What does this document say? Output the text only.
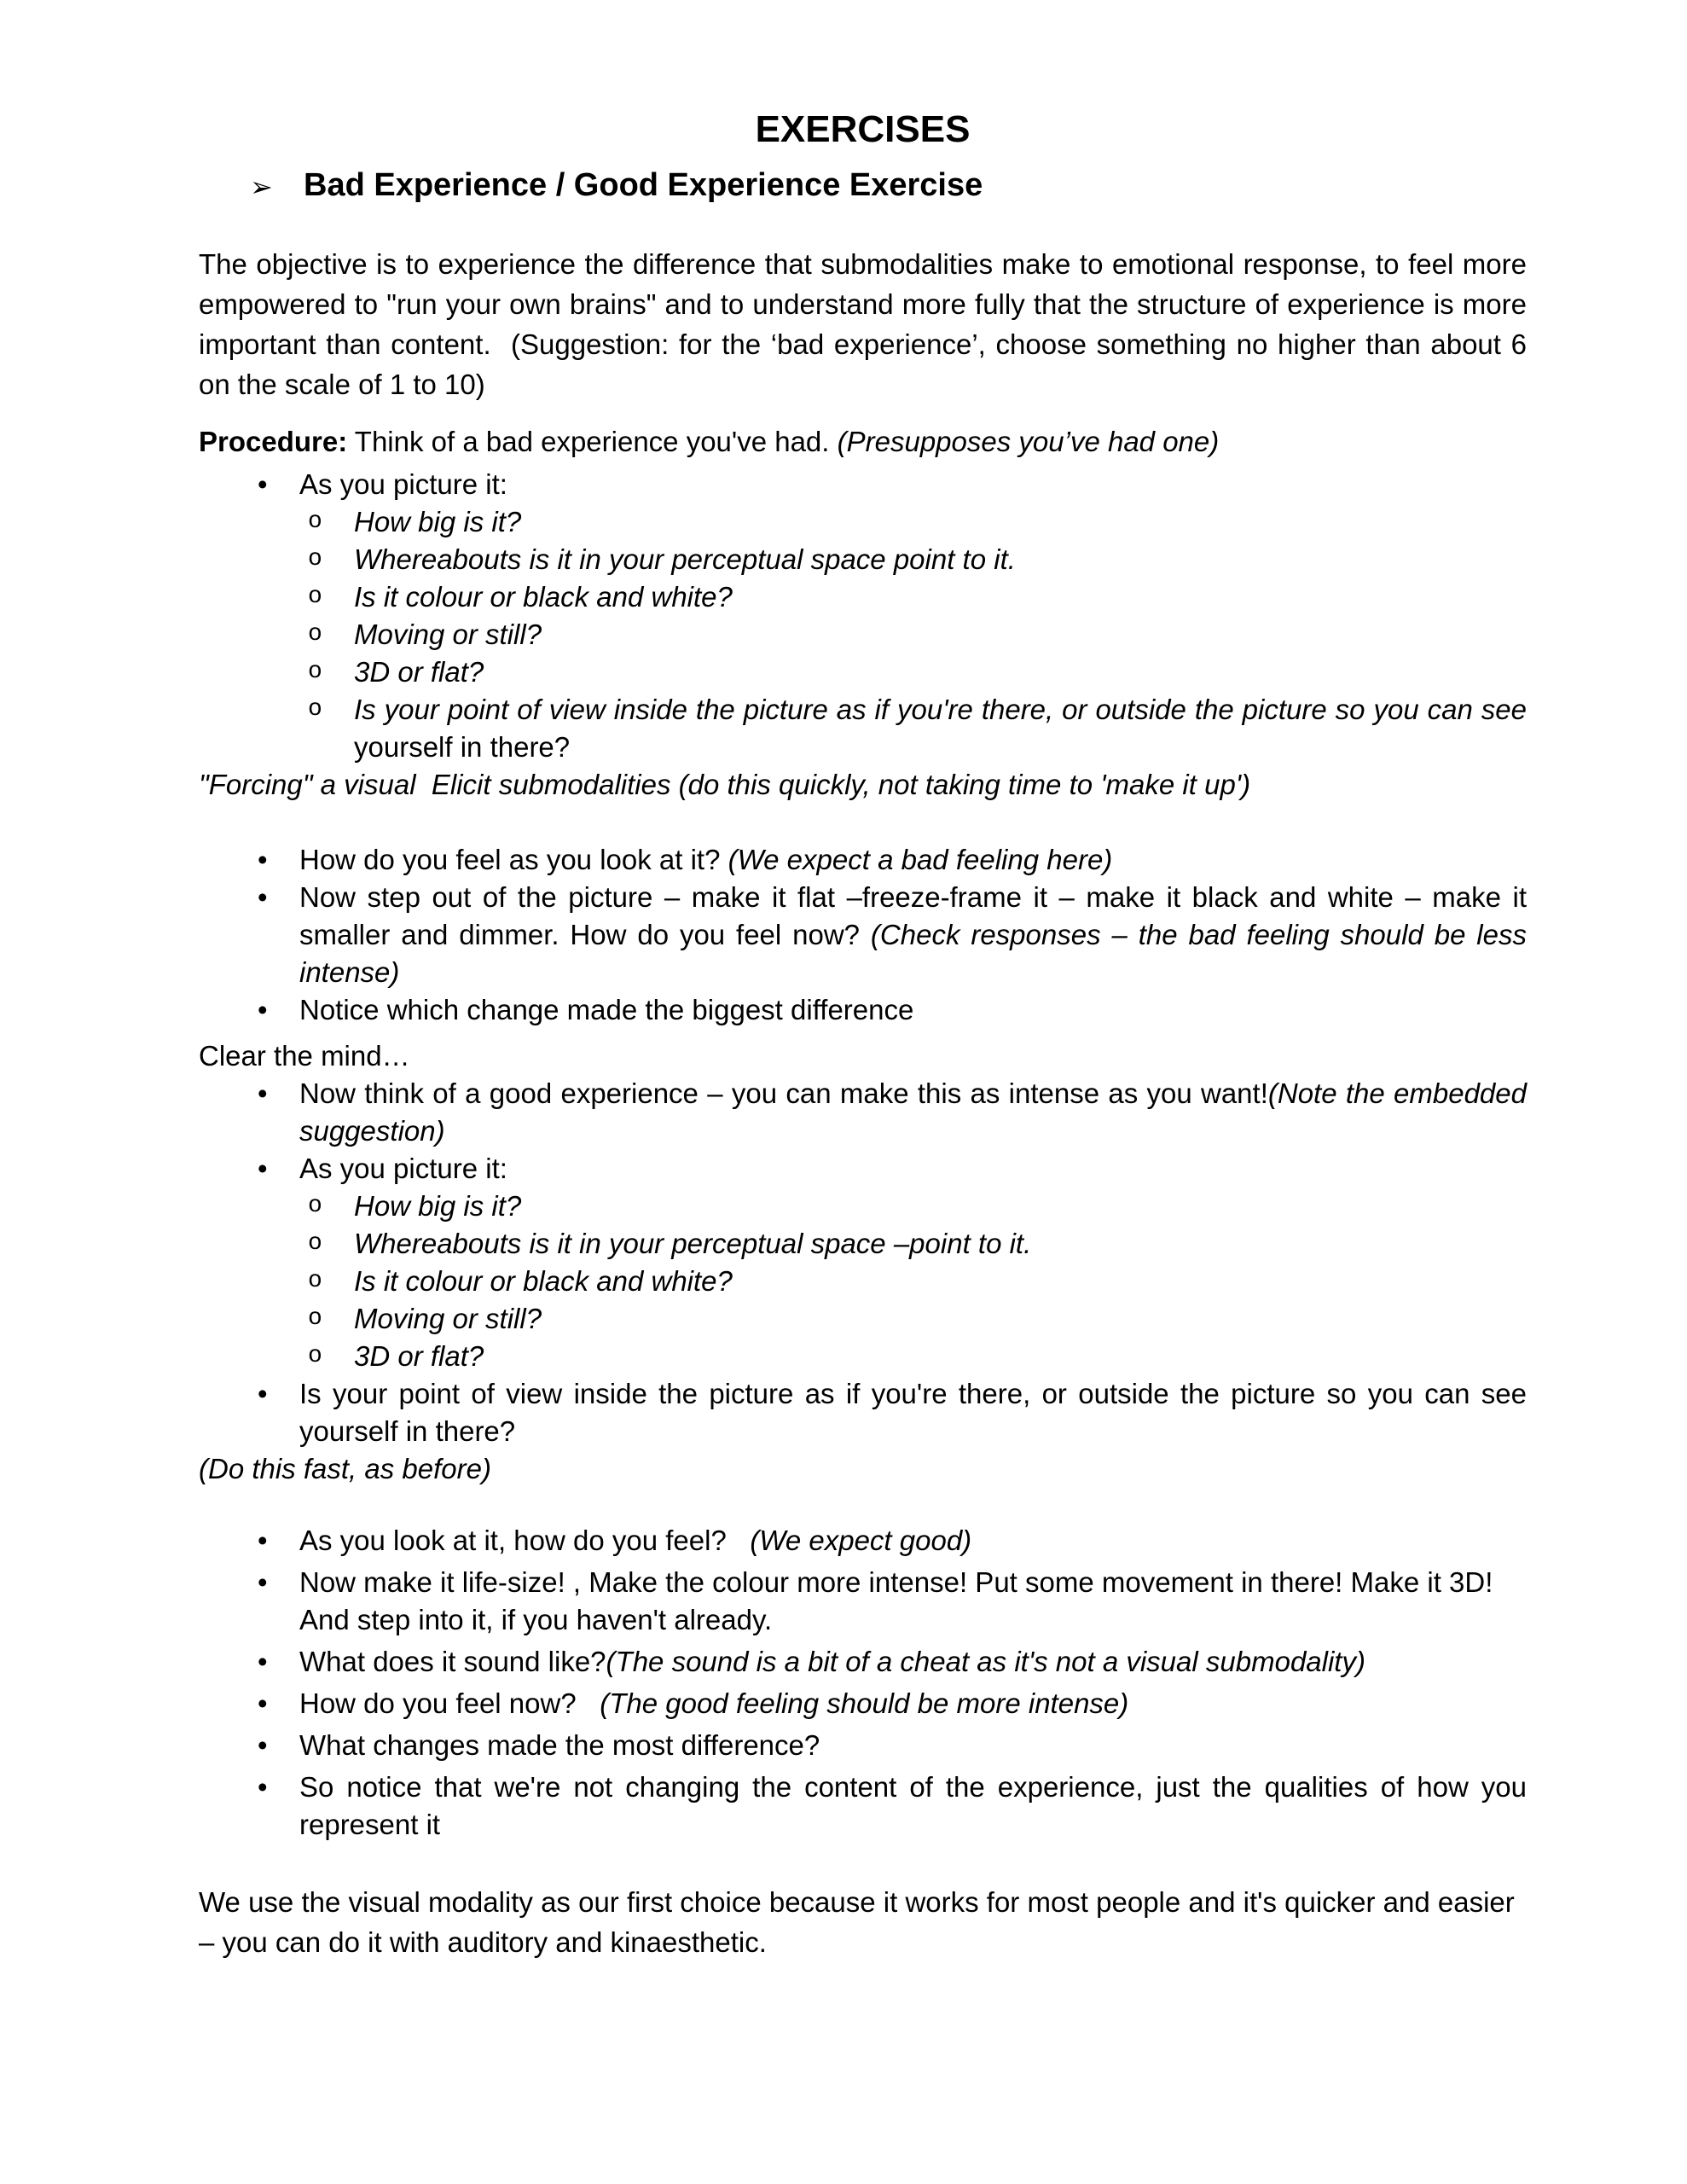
EXERCISES
➢ Bad Experience / Good Experience Exercise

The objective is to experience the difference that submodalities make to emotional response, to feel more empowered to "run your own brains" and to understand more fully that the structure of experience is more important than content.  (Suggestion: for the ‘bad experience’, choose something no higher than about 6 on the scale of 1 to 10)

Procedure: Think of a bad experience you've had. (Presupposes you’ve had one)

• As you picture it:
o How big is it?
o Whereabouts is it in your perceptual space point to it.
o Is it colour or black and white?
o Moving or still?
o 3D or flat?
o Is your point of view inside the picture as if you're there, or outside the picture so you can see yourself in there?

"Forcing" a visual  Elicit submodalities (do this quickly, not taking time to 'make it up')

• How do you feel as you look at it? (We expect a bad feeling here)
• Now step out of the picture – make it flat –freeze-frame it – make it black and white – make it smaller and dimmer. How do you feel now? (Check responses – the bad feeling should be less intense)
• Notice which change made the biggest difference

Clear the mind…

• Now think of a good experience – you can make this as intense as you want!(Note the embedded suggestion)
• As you picture it:
o How big is it?
o Whereabouts is it in your perceptual space –point to it.
o Is it colour or black and white?
o Moving or still?
o 3D or flat?
• Is your point of view inside the picture as if you're there, or outside the picture so you can see yourself in there?

(Do this fast, as before)

• As you look at it, how do you feel?   (We expect good)
• Now make it life-size! , Make the colour more intense! Put some movement in there! Make it 3D! And step into it, if you haven't already.
• What does it sound like?(The sound is a bit of a cheat as it's not a visual submodality)
• How do you feel now?   (The good feeling should be more intense)
• What changes made the most difference?
• So notice that we're not changing the content of the experience, just the qualities of how you represent it

We use the visual modality as our first choice because it works for most people and it's quicker and easier – you can do it with auditory and kinaesthetic.
